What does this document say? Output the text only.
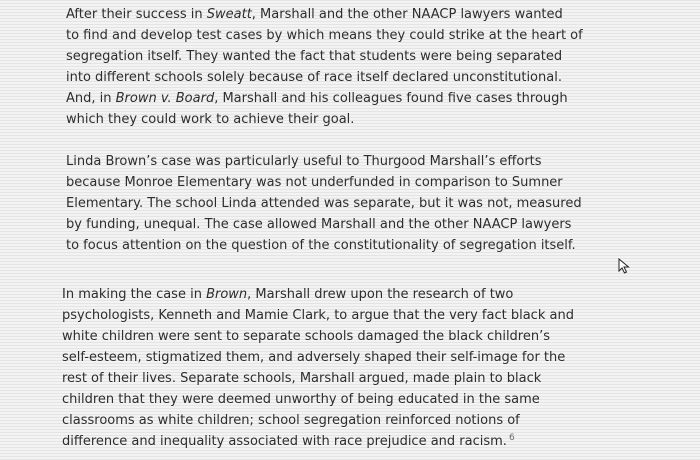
After their success in Sweatt, Marshall and the other NAACP lawyers wanted
to find and develop test cases by which means they could strike at the heart of
segregation itself. They wanted the fact that students were being separated
into different schools solely because of race itself declared unconstitutional.
And, in Brown v. Board, Marshall and his colleagues found five cases through
which they could work to achieve their goal.

Linda Brown’s case was particularly useful to Thurgood Marshall’s efforts
because Monroe Elementary was not underfunded in comparison to Sumner
Elementary. The school Linda attended was separate, but it was not, measured
by funding, unequal. The case allowed Marshall and the other NAACP lawyers
to focus attention on the question of the constitutionality of segregation itself.

In making the case in Brown, Marshall drew upon the research of two
psychologists, Kenneth and Mamie Clark, to argue that the very fact black and
white children were sent to separate schools damaged the black children’s
self-esteem, stigmatized them, and adversely shaped their self-image for the
rest of their lives. Separate schools, Marshall argued, made plain to black
children that they were deemed unworthy of being educated in the same
classrooms as white children; school segregation reinforced notions of
difference and inequality associated with race prejudice and racism. $^6$
